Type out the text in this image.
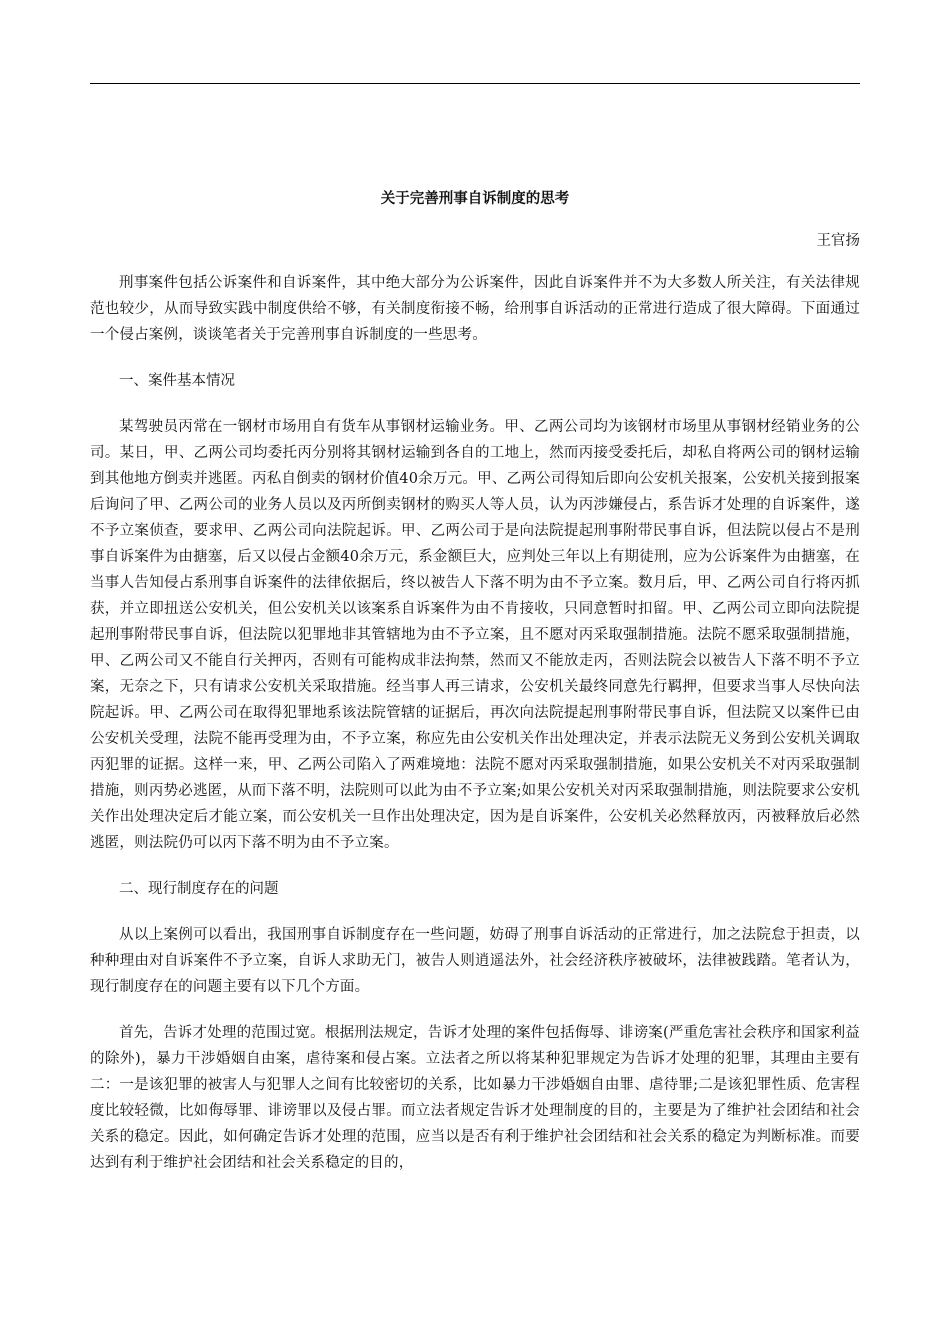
关于完善刑事自诉制度的思考
王官扬

刑事案件包括公诉案件和自诉案件，其中绝大部分为公诉案件，因此自诉案件并不为大多数人所关注，有关法律规范也较少，从而导致实践中制度供给不够，有关制度衔接不畅，给刑事自诉活动的正常进行造成了很大障碍。下面通过一个侵占案例，谈谈笔者关于完善刑事自诉制度的一些思考。

一、案件基本情况

某驾驶员丙常在一钢材市场用自有货车从事钢材运输业务。甲、乙两公司均为该钢材市场里从事钢材经销业务的公司。某日，甲、乙两公司均委托丙分别将其钢材运输到各自的工地上，然而丙接受委托后，却私自将两公司的钢材运输到其他地方倒卖并逃匿。丙私自倒卖的钢材价值40余万元。甲、乙两公司得知后即向公安机关报案，公安机关接到报案后询问了甲、乙两公司的业务人员以及丙所倒卖钢材的购买人等人员，认为丙涉嫌侵占，系告诉才处理的自诉案件，遂不予立案侦查，要求甲、乙两公司向法院起诉。甲、乙两公司于是向法院提起刑事附带民事自诉，但法院以侵占不是刑事自诉案件为由搪塞，后又以侵占金额40余万元，系金额巨大，应判处三年以上有期徒刑，应为公诉案件为由搪塞，在当事人告知侵占系刑事自诉案件的法律依据后，终以被告人下落不明为由不予立案。数月后，甲、乙两公司自行将丙抓获，并立即扭送公安机关，但公安机关以该案系自诉案件为由不肯接收，只同意暂时扣留。甲、乙两公司立即向法院提起刑事附带民事自诉，但法院以犯罪地非其管辖地为由不予立案，且不愿对丙采取强制措施。法院不愿采取强制措施，甲、乙两公司又不能自行关押丙，否则有可能构成非法拘禁，然而又不能放走丙，否则法院会以被告人下落不明不予立案，无奈之下，只有请求公安机关采取措施。经当事人再三请求，公安机关最终同意先行羁押，但要求当事人尽快向法院起诉。甲、乙两公司在取得犯罪地系该法院管辖的证据后，再次向法院提起刑事附带民事自诉，但法院又以案件已由公安机关受理，法院不能再受理为由，不予立案，称应先由公安机关作出处理决定，并表示法院无义务到公安机关调取丙犯罪的证据。这样一来，甲、乙两公司陷入了两难境地：法院不愿对丙采取强制措施，如果公安机关不对丙采取强制措施，则丙势必逃匿，从而下落不明，法院则可以此为由不予立案;如果公安机关对丙采取强制措施，则法院要求公安机关作出处理决定后才能立案，而公安机关一旦作出处理决定，因为是自诉案件，公安机关必然释放丙，丙被释放后必然逃匿，则法院仍可以丙下落不明为由不予立案。

二、现行制度存在的问题

从以上案例可以看出，我国刑事自诉制度存在一些问题，妨碍了刑事自诉活动的正常进行，加之法院怠于担责，以种种理由对自诉案件不予立案，自诉人求助无门，被告人则逍遥法外，社会经济秩序被破坏，法律被践踏。笔者认为，现行制度存在的问题主要有以下几个方面。

首先，告诉才处理的范围过宽。根据刑法规定，告诉才处理的案件包括侮辱、诽谤案(严重危害社会秩序和国家利益的除外)，暴力干涉婚姻自由案，虐待案和侵占案。立法者之所以将某种犯罪规定为告诉才处理的犯罪，其理由主要有二：一是该犯罪的被害人与犯罪人之间有比较密切的关系，比如暴力干涉婚姻自由罪、虐待罪;二是该犯罪性质、危害程度比较轻微，比如侮辱罪、诽谤罪以及侵占罪。而立法者规定告诉才处理制度的目的，主要是为了维护社会团结和社会关系的稳定。因此，如何确定告诉才处理的范围，应当以是否有利于维护社会团结和社会关系的稳定为判断标准。而要达到有利于维护社会团结和社会关系稳定的目的，
